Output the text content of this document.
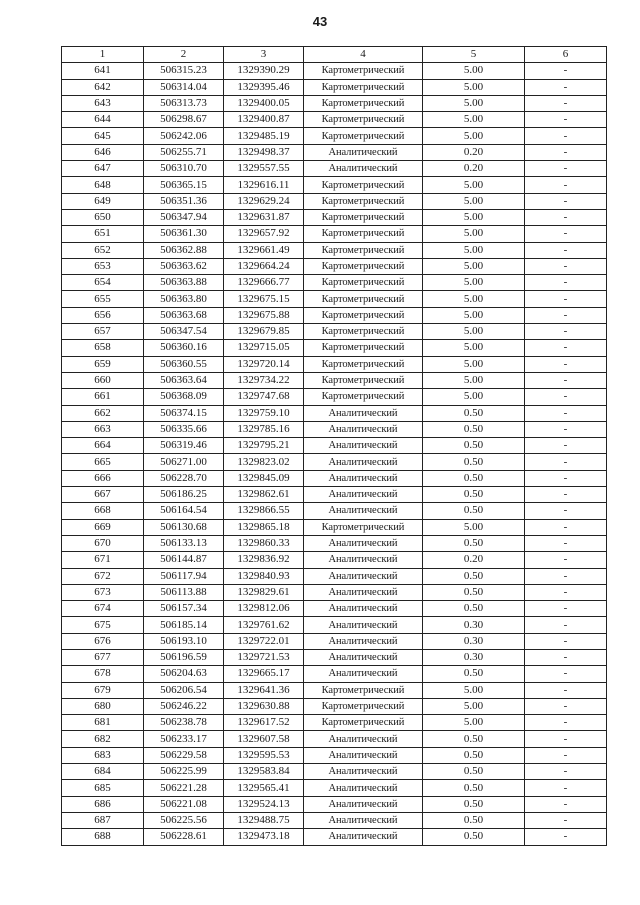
43
1	2	3	4	5	6
641	506315.23	1329390.29	Картометрический	5.00	-
642	506314.04	1329395.46	Картометрический	5.00	-
643	506313.73	1329400.05	Картометрический	5.00	-
644	506298.67	1329400.87	Картометрический	5.00	-
645	506242.06	1329485.19	Картометрический	5.00	-
646	506255.71	1329498.37	Аналитический	0.20	-
647	506310.70	1329557.55	Аналитический	0.20	-
648	506365.15	1329616.11	Картометрический	5.00	-
649	506351.36	1329629.24	Картометрический	5.00	-
650	506347.94	1329631.87	Картометрический	5.00	-
651	506361.30	1329657.92	Картометрический	5.00	-
652	506362.88	1329661.49	Картометрический	5.00	-
653	506363.62	1329664.24	Картометрический	5.00	-
654	506363.88	1329666.77	Картометрический	5.00	-
655	506363.80	1329675.15	Картометрический	5.00	-
656	506363.68	1329675.88	Картометрический	5.00	-
657	506347.54	1329679.85	Картометрический	5.00	-
658	506360.16	1329715.05	Картометрический	5.00	-
659	506360.55	1329720.14	Картометрический	5.00	-
660	506363.64	1329734.22	Картометрический	5.00	-
661	506368.09	1329747.68	Картометрический	5.00	-
662	506374.15	1329759.10	Аналитический	0.50	-
663	506335.66	1329785.16	Аналитический	0.50	-
664	506319.46	1329795.21	Аналитический	0.50	-
665	506271.00	1329823.02	Аналитический	0.50	-
666	506228.70	1329845.09	Аналитический	0.50	-
667	506186.25	1329862.61	Аналитический	0.50	-
668	506164.54	1329866.55	Аналитический	0.50	-
669	506130.68	1329865.18	Картометрический	5.00	-
670	506133.13	1329860.33	Аналитический	0.50	-
671	506144.87	1329836.92	Аналитический	0.20	-
672	506117.94	1329840.93	Аналитический	0.50	-
673	506113.88	1329829.61	Аналитический	0.50	-
674	506157.34	1329812.06	Аналитический	0.50	-
675	506185.14	1329761.62	Аналитический	0.30	-
676	506193.10	1329722.01	Аналитический	0.30	-
677	506196.59	1329721.53	Аналитический	0.30	-
678	506204.63	1329665.17	Аналитический	0.50	-
679	506206.54	1329641.36	Картометрический	5.00	-
680	506246.22	1329630.88	Картометрический	5.00	-
681	506238.78	1329617.52	Картометрический	5.00	-
682	506233.17	1329607.58	Аналитический	0.50	-
683	506229.58	1329595.53	Аналитический	0.50	-
684	506225.99	1329583.84	Аналитический	0.50	-
685	506221.28	1329565.41	Аналитический	0.50	-
686	506221.08	1329524.13	Аналитический	0.50	-
687	506225.56	1329488.75	Аналитический	0.50	-
688	506228.61	1329473.18	Аналитический	0.50	-
